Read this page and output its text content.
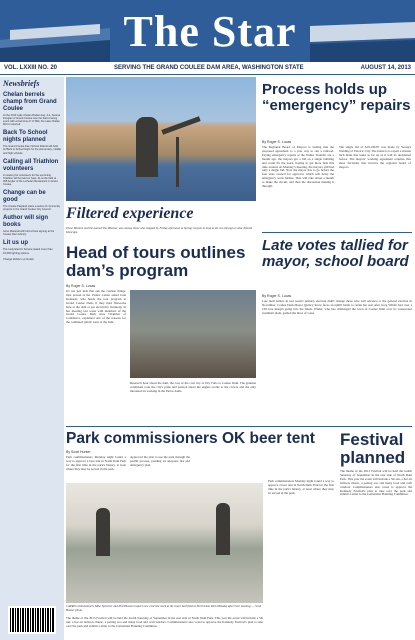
The Star
VOL. LXXIII NO. 20	SERVING THE GRAND COULEE DAM AREA, WASHINGTON STATE	AUGUST 14, 2013
Newsbriefs
Chelan berrels champ from Grand Coulee
At the 2013 Lake Chelan Rodeo Aug. 3-4, Serena Douglas of Grand Coulee won the barrel racing event with a final time of 17.804, the Lake Chelan Mirror reported.
Back To School nights planned
The Grand Coulee Dam School District will hold its Back to School Night for the elementary, middle and high schools.
Calling all Triathlon volunteers
A meeting for volunteers for the upcoming Triathlon will be held on Sept. 21 at the field at 305 Angler of the Lutheran Restaurant in Grand Coulee.
Change can be good
The Coulee Playland starts a series of community projects in the Grand Coulee City Council.
Author will sign books
Anne Marshall will hold a book signing at the Coulee Dam Library.
Lit us up
The Lady Electric Service stated more than 10,000 lighting options.
Change delivers up broken
Filtered experience
These Mission and the named The Mission, was among those who stopped by Friday afternoon at Spring Canyon to look at the sun through a solar filtered telescope.
Process holds up “emergency” repairs
By Roger S. Lucas
The Regional Board of Mayors is feeling that the proposed agreement to a year way to run a railroad. Paying emergency repairs at the Dalles Transfer are a month ago, the mayors got a bid on a single building and could fix the work, hoping to get more bids this time around. At Monday’s meeting, the mayors still had only a single bid. Now the mayor has to go before the four state council for approval, which will delay the emergency work further. That will take about a month to make the circuit, and then the discussion making it through.
The single bid of $18,199.87 was made by Yeoug's Welding of Electric City. The intent is to repair a sixteen inch main that leaks as far up as it will its decimated before. The mayors' working agreement requires that most decisions that involve the regional board of mayors.
Head of tours outlines dam’s program
By Roger S. Lucas
It's not just kids that ask the craziest things. One person at the Visitor Center asked Joan Kennedy, who heads the tour program at Grand Coulee Dam, if they hold fireworks here at the dam or get electricity. Kennedy, in her meeting last week with members of the Grand Coulee Dam Area Chamber of Commerce, explained one of the reasons for the continued public tours at the dam.
Research hour about the dam, the cost of the coal city of Dry Falls to Coulee Dam. The genuine conditions took the city's pride and passion about the engine rooms to the crowd, and the only interested in working in the Pierce dams.
Late votes tallied for mayor, school board
By Roger S. Lucas
Late mail ballots in last week's primary election didn't change those who will advance to the general election in November. Coulee Dam Mayor Quincy Snow faces an uphill battle to retain her seat after Greg Wilder had over a 100-vote margin going into the finals. Wilder, who has challenged the town of Coulee Dam over its wastewater treatment plant, gained the three of votes.
Park commissioners OK beer tent
By Scott Hunter
Park commissioners Monday night found a way to approve a beer tent in North Dam Park for the first time in the park's history, at least where they may be served in the park.
Approved the plan to use the park through the permit process, pending an adequate fire and emergency plan.
CAPRD commissioners Mike Sprecher and Phil Hanson inspect new concrete work at the lower ball field at North Dam Park Monday after their meeting. — Scott Hunter photo
The theme of the 2013 Festival will be held the fourth Saturday of September in the east side of North Dam Park. This year the event will include a 5K run, a hot air balloon, music, a petting zoo and many food and craft vendors. Commissioners also voted to approve the Kennedy Festival's plan to take over the park and submit a letter to the Centennial Planning Committee.
Park commissioners Monday night found a way to approve a beer tent in North Dam Park for the first time in the park's history, at least where they may be served in the park.
Festival planned
The theme of the 2013 Festival will be held the fourth Saturday of September in the east side of North Dam Park. This year the event will include a 5K run, a hot air balloon, music, a petting zoo and many food and craft vendors. Commissioners also voted to approve the Kennedy Festival's plan to take over the park and submit a letter to the Centennial Planning Committee.
